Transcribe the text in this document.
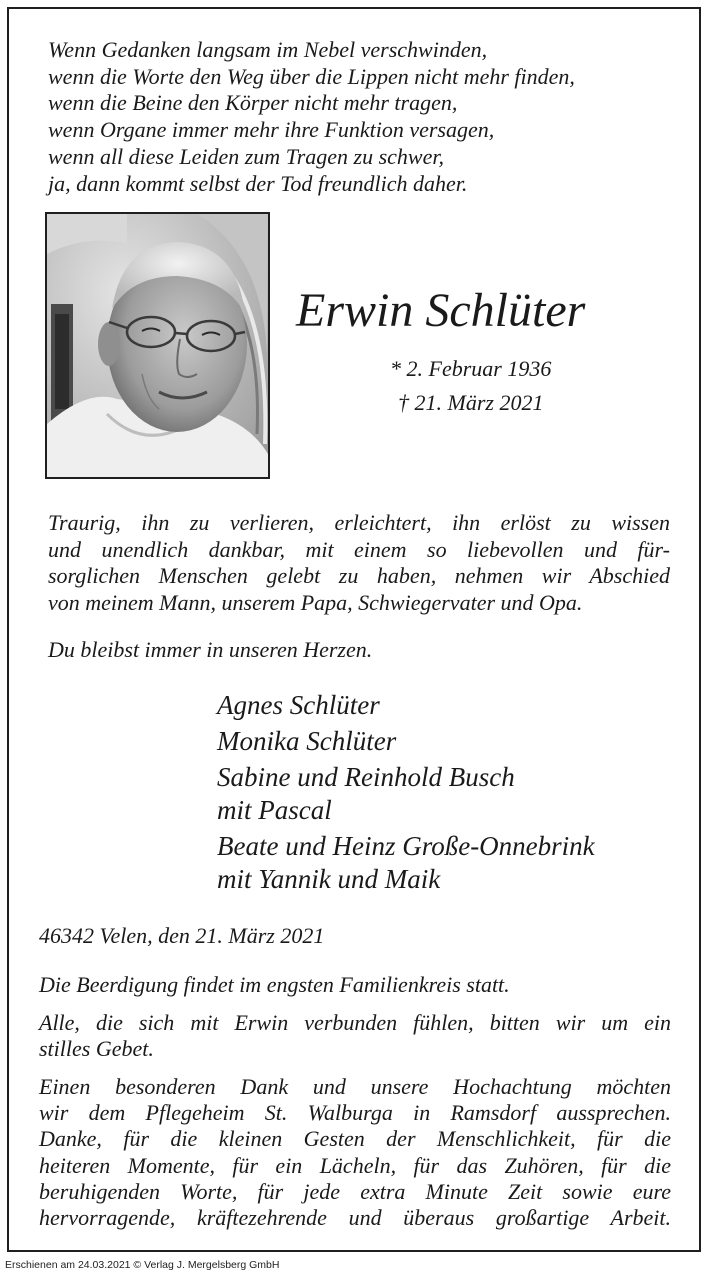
Wenn Gedanken langsam im Nebel verschwinden,
wenn die Worte den Weg über die Lippen nicht mehr finden,
wenn die Beine den Körper nicht mehr tragen,
wenn Organe immer mehr ihre Funktion versagen,
wenn all diese Leiden zum Tragen zu schwer,
ja, dann kommt selbst der Tod freundlich daher.
Erwin Schlüter
* 2. Februar 1936
† 21. März 2021
Traurig, ihn zu verlieren, erleichtert, ihn erlöst zu wissen
und unendlich dankbar, mit einem so liebevollen und für-
sorglichen Menschen gelebt zu haben, nehmen wir Abschied
von meinem Mann, unserem Papa, Schwiegervater und Opa.
Du bleibst immer in unseren Herzen.
Agnes Schlüter
Monika Schlüter
Sabine und Reinhold Busch
mit Pascal
Beate und Heinz Große-Onnebrink
mit Yannik und Maik
46342 Velen, den 21. März 2021
Die Beerdigung findet im engsten Familienkreis statt.
Alle, die sich mit Erwin verbunden fühlen, bitten wir um ein
stilles Gebet.
Einen besonderen Dank und unsere Hochachtung möchten
wir dem Pflegeheim St. Walburga in Ramsdorf aussprechen.
Danke, für die kleinen Gesten der Menschlichkeit, für die
heiteren Momente, für ein Lächeln, für das Zuhören, für die
beruhigenden Worte, für jede extra Minute Zeit sowie eure
hervorragende, kräftezehrende und überaus großartige Arbeit.
Erschienen am 24.03.2021 © Verlag J. Mergelsberg GmbH
